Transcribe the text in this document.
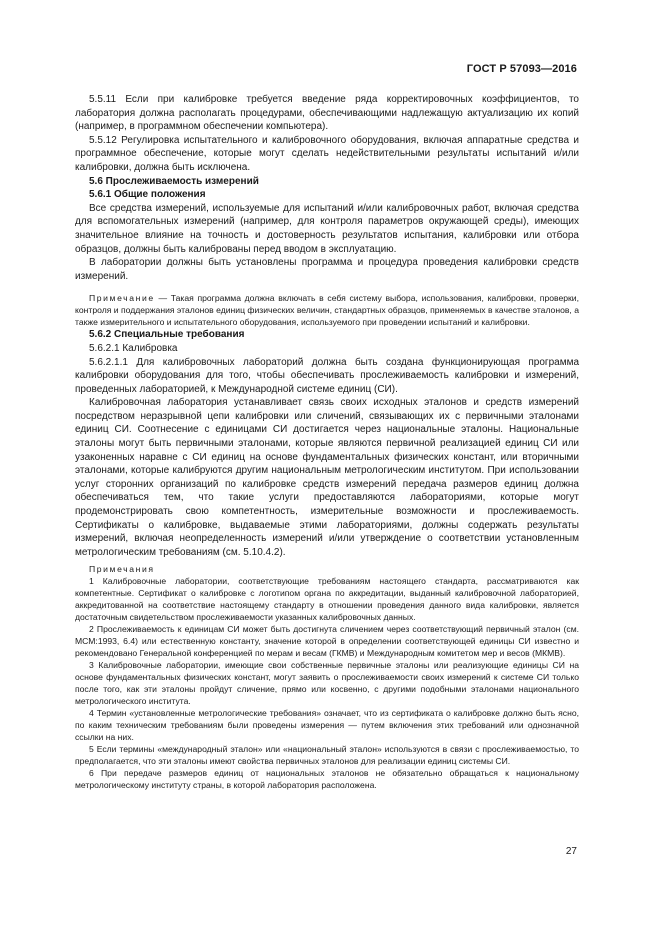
ГОСТ Р 57093—2016

5.5.11 Если при калибровке требуется введение ряда корректировочных коэффициентов, то лаборатория должна располагать процедурами, обеспечивающими надлежащую актуализацию их копий (например, в программном обеспечении компьютера).

5.5.12 Регулировка испытательного и калибровочного оборудования, включая аппаратные средства и программное обеспечение, которые могут сделать недействительными результаты испытаний и/или калибровки, должна быть исключена.

5.6 Прослеживаемость измерений

5.6.1 Общие положения

Все средства измерений, используемые для испытаний и/или калибровочных работ, включая средства для вспомогательных измерений (например, для контроля параметров окружающей среды), имеющих значительное влияние на точность и достоверность результатов испытания, калибровки или отбора образцов, должны быть калиброваны перед вводом в эксплуатацию.

В лаборатории должны быть установлены программа и процедура проведения калибровки средств измерений.

Примечание — Такая программа должна включать в себя систему выбора, использования, калибровки, проверки, контроля и поддержания эталонов единиц физических величин, стандартных образцов, применяемых в качестве эталонов, а также измерительного и испытательного оборудования, используемого при проведении испытаний и калибровки.

5.6.2 Специальные требования

5.6.2.1 Калибровка

5.6.2.1.1 Для калибровочных лабораторий должна быть создана функционирующая программа калибровки оборудования для того, чтобы обеспечивать прослеживаемость калибровки и измерений, проведенных лабораторией, к Международной системе единиц (СИ).

Калибровочная лаборатория устанавливает связь своих исходных эталонов и средств измерений посредством неразрывной цепи калибровки или сличений, связывающих их с первичными эталонами единиц СИ. Соотнесение с единицами СИ достигается через национальные эталоны. Национальные эталоны могут быть первичными эталонами, которые являются первичной реализацией единиц СИ или узаконенных наравне с СИ единиц на основе фундаментальных физических констант, или вторичными эталонами, которые калибруются другим национальным метрологическим институтом. При использовании услуг сторонних организаций по калибровке средств измерений передача размеров единиц должна обеспечиваться тем, что такие услуги предоставляются лабораториями, которые могут продемонстрировать свою компетентность, измерительные возможности и прослеживаемость. Сертификаты о калибровке, выдаваемые этими лабораториями, должны содержать результаты измерений, включая неопределенность измерений и/или утверждение о соответствии установленным метрологическим требованиям (см. 5.10.4.2).

Примечания

1 Калибровочные лаборатории, соответствующие требованиям настоящего стандарта, рассматриваются как компетентные. Сертификат о калибровке с логотипом органа по аккредитации, выданный калибровочной лабораторией, аккредитованной на соответствие настоящему стандарту в отношении проведения данного вида калибровки, является достаточным свидетельством прослеживаемости указанных калибровочных данных.

2 Прослеживаемость к единицам СИ может быть достигнута сличением через соответствующий первичный эталон (см. МСМ:1993, 6.4) или естественную константу, значение которой в определении соответствующей единицы СИ известно и рекомендовано Генеральной конференцией по мерам и весам (ГКМВ) и Международным комитетом мер и весов (МКМВ).

3 Калибровочные лаборатории, имеющие свои собственные первичные эталоны или реализующие единицы СИ на основе фундаментальных физических констант, могут заявить о прослеживаемости своих измерений к системе СИ только после того, как эти эталоны пройдут сличение, прямо или косвенно, с другими подобными эталонами национального метрологического института.

4 Термин «установленные метрологические требования» означает, что из сертификата о калибровке должно быть ясно, по каким техническим требованиям были проведены измерения — путем включения этих требований или однозначной ссылки на них.

5 Если термины «международный эталон» или «национальный эталон» используются в связи с прослеживаемостью, то предполагается, что эти эталоны имеют свойства первичных эталонов для реализации единиц системы СИ.

6 При передаче размеров единиц от национальных эталонов не обязательно обращаться к национальному метрологическому институту страны, в которой лаборатория расположена.

27
